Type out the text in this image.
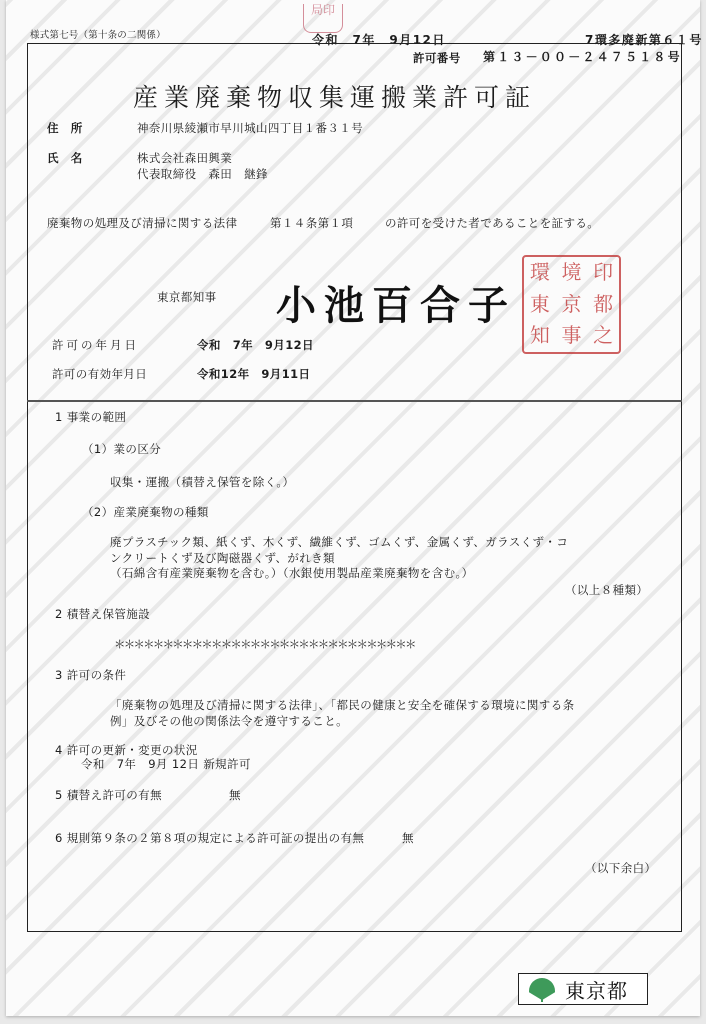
様式第七号（第十条の二関係）
局印
令和　7年　9月12日	7環多廃新第６１号
許可番号 第１３－００－２４７５１８号
産業廃棄物収集運搬業許可証
住　所	神奈川県綾瀬市早川城山四丁目１番３１号
氏　名	株式会社森田興業
代表取締役　森田　継鋒
廃棄物の処理及び清掃に関する法律	第１４条第１項	の許可を受けた者であることを証する。
東京都知事 小池百合子
環 境 印
東 京 都
知 事 之
許可の年月日	令和　7年　9月12日
許可の有効年月日	令和12年　9月11日
1 事業の範囲
（1）業の区分
収集・運搬（積替え保管を除く。）
（2）産業廃棄物の種類
廃プラスチック類、紙くず、木くず、繊維くず、ゴムくず、金属くず、ガラスくず・コ
ンクリートくず及び陶磁器くず、がれき類
（石綿含有産業廃棄物を含む。）（水銀使用製品産業廃棄物を含む。）
（以上８種類）
2 積替え保管施設
＊＊＊＊＊＊＊＊＊＊＊＊＊＊＊＊＊＊＊＊＊＊＊＊＊＊＊＊＊＊＊
3 許可の条件
「廃棄物の処理及び清掃に関する法律」、「都民の健康と安全を確保する環境に関する条
例」及びその他の関係法令を遵守すること。
4 許可の更新・変更の状況
令和　7年　9月 12日 新規許可
5 積替え許可の有無	無
6 規則第９条の２第８項の規定による許可証の提出の有無	無
（以下余白）
東京都
